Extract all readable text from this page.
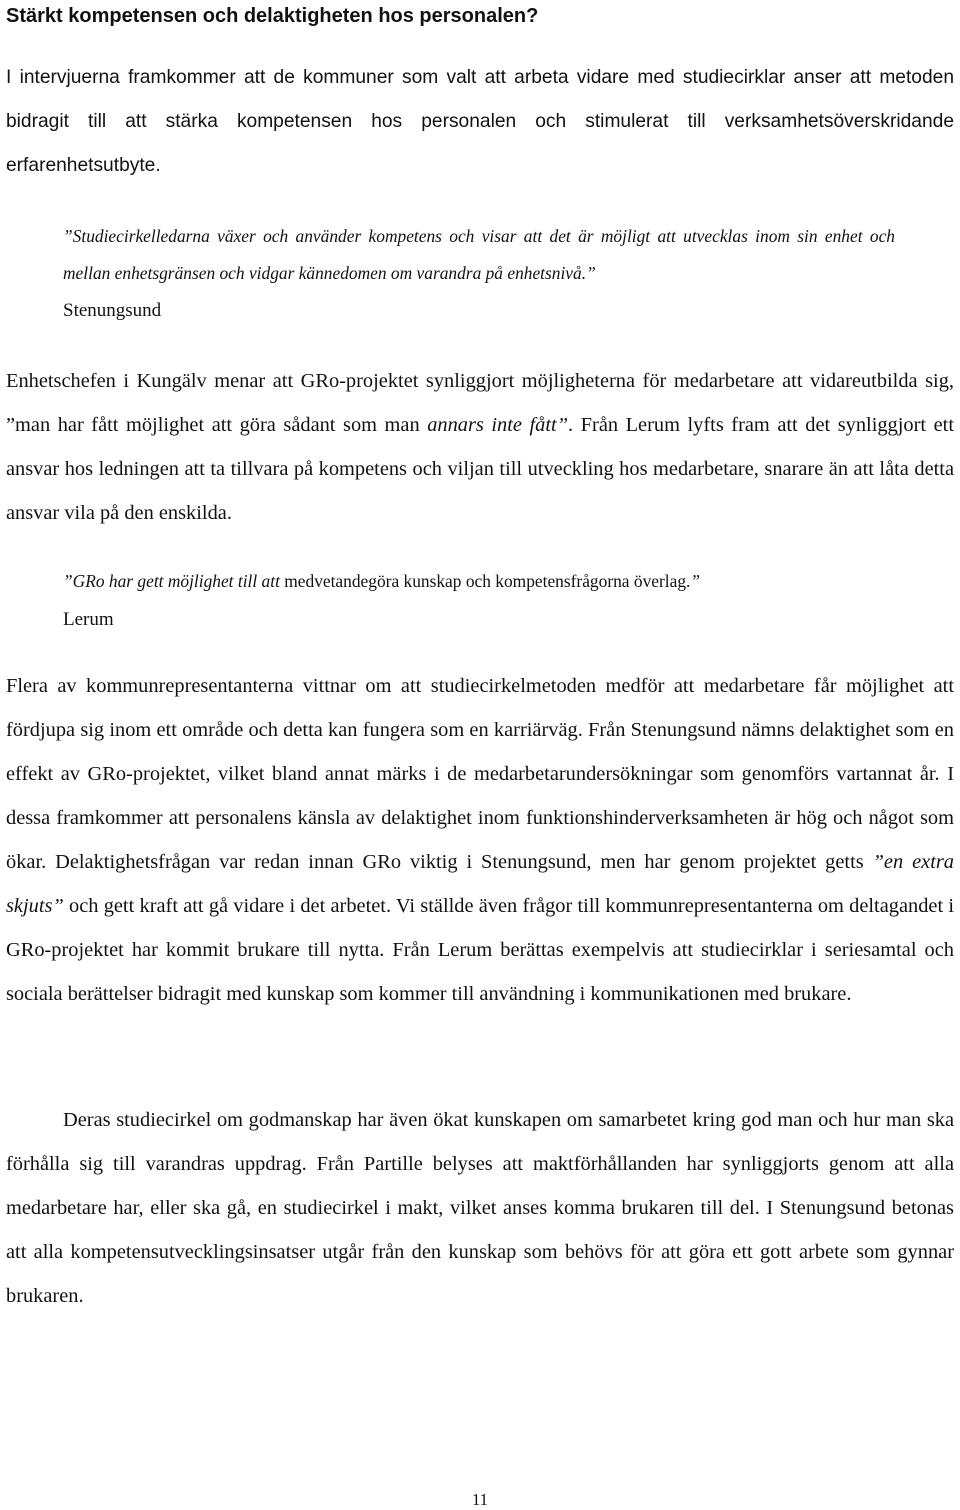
Stärkt kompetensen och delaktigheten hos personalen?

I intervjuerna framkommer att de kommuner som valt att arbeta vidare med studiecirklar anser att metoden bidragit till att stärka kompetensen hos personalen och stimulerat till verksamhetsöverskridande erfarenhetsutbyte.

”Studiecirkelledarna växer och använder kompetens och visar att det är möjligt att utvecklas inom sin enhet och mellan enhetsgränsen och vidgar kännedomen om varandra på enhetsnivå.”

Stenungsund

Enhetschefen i Kungälv menar att GRo-projektet synliggjort möjligheterna för medarbetare att vidareutbilda sig, ”man har fått möjlighet att göra sådant som man annars inte fått”. Från Lerum lyfts fram att det synliggjort ett ansvar hos ledningen att ta tillvara på kompetens och viljan till utveckling hos medarbetare, snarare än att låta detta ansvar vila på den enskilda.

”GRo har gett möjlighet till att medvetandegöra kunskap och kompetensfrågorna överlag.”

Lerum

Flera av kommunrepresentanterna vittnar om att studiecirkelmetoden medför att medarbetare får möjlighet att fördjupa sig inom ett område och detta kan fungera som en karriärväg. Från Stenungsund nämns delaktighet som en effekt av GRo-projektet, vilket bland annat märks i de medarbetarundersökningar som genomförs vartannat år. I dessa framkommer att personalens känsla av delaktighet inom funktionshinderverksamheten är hög och något som ökar. Delaktighetsfrågan var redan innan GRo viktig i Stenungsund, men har genom projektet getts ”en extra skjuts” och gett kraft att gå vidare i det arbetet. Vi ställde även frågor till kommunrepresentanterna om deltagandet i GRo-projektet har kommit brukare till nytta. Från Lerum berättas exempelvis att studiecirklar i seriesamtal och sociala berättelser bidragit med kunskap som kommer till användning i kommunikationen med brukare.

Deras studiecirkel om godmanskap har även ökat kunskapen om samarbetet kring god man och hur man ska förhålla sig till varandras uppdrag. Från Partille belyses att maktförhållanden har synliggjorts genom att alla medarbetare har, eller ska gå, en studiecirkel i makt, vilket anses komma brukaren till del. I Stenungsund betonas att alla kompetensutvecklingsinsatser utgår från den kunskap som behövs för att göra ett gott arbete som gynnar brukaren.

11
